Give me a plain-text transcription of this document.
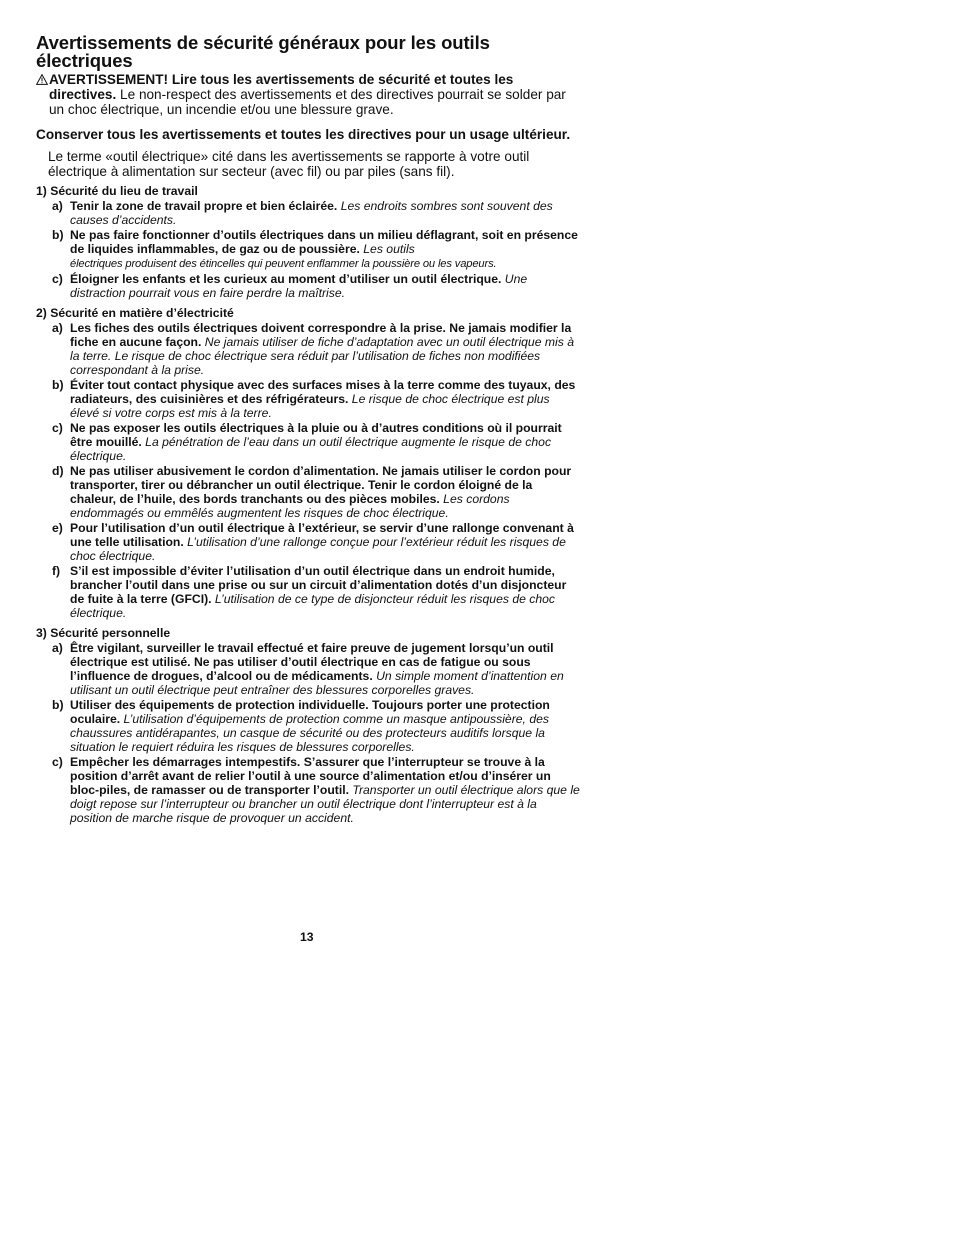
Avertissements de sécurité généraux pour les outils électriques

AVERTISSEMENT! Lire tous les avertissements de sécurité et toutes les directives. Le non-respect des avertissements et des directives pourrait se solder par un choc électrique, un incendie et/ou une blessure grave.

Conserver tous les avertissements et toutes les directives pour un usage ultérieur.

Le terme «outil électrique» cité dans les avertissements se rapporte à votre outil électrique à alimentation sur secteur (avec fil) ou par piles (sans fil).

1) Sécurité du lieu de travail
a) Tenir la zone de travail propre et bien éclairée. Les endroits sombres sont souvent des causes d’accidents.
b) Ne pas faire fonctionner d’outils électriques dans un milieu déflagrant, soit en présence de liquides inflammables, de gaz ou de poussière. Les outils
électriques produisent des étincelles qui peuvent enflammer la poussière ou les vapeurs.
c) Éloigner les enfants et les curieux au moment d’utiliser un outil électrique. Une distraction pourrait vous en faire perdre la maîtrise.
2) Sécurité en matière d’électricité
a) Les fiches des outils électriques doivent correspondre à la prise. Ne jamais modifier la fiche en aucune façon. Ne jamais utiliser de fiche d’adaptation avec un outil électrique mis à la terre. Le risque de choc électrique sera réduit par l’utilisation de fiches non modifiées correspondant à la prise.
b) Éviter tout contact physique avec des surfaces mises à la terre comme des tuyaux, des radiateurs, des cuisinières et des réfrigérateurs. Le risque de choc électrique est plus élevé si votre corps est mis à la terre.
c) Ne pas exposer les outils électriques à la pluie ou à d’autres conditions où il pourrait être mouillé. La pénétration de l’eau dans un outil électrique augmente le risque de choc électrique.
d) Ne pas utiliser abusivement le cordon d’alimentation. Ne jamais utiliser le cordon pour transporter, tirer ou débrancher un outil électrique. Tenir le cordon éloigné de la chaleur, de l’huile, des bords tranchants ou des pièces mobiles. Les cordons endommagés ou emmêlés augmentent les risques de choc électrique.
e) Pour l’utilisation d’un outil électrique à l’extérieur, se servir d’une rallonge convenant à une telle utilisation. L’utilisation d’une rallonge conçue pour l’extérieur réduit les risques de choc électrique.
f) S’il est impossible d’éviter l’utilisation d’un outil électrique dans un endroit humide, brancher l’outil dans une prise ou sur un circuit d’alimentation dotés d’un disjoncteur de fuite à la terre (GFCI). L’utilisation de ce type de disjoncteur réduit les risques de choc électrique.
3) Sécurité personnelle
a) Être vigilant, surveiller le travail effectué et faire preuve de jugement lorsqu’un outil électrique est utilisé. Ne pas utiliser d’outil électrique en cas de fatigue ou sous l’influence de drogues, d’alcool ou de médicaments. Un simple moment d’inattention en utilisant un outil électrique peut entraîner des blessures corporelles graves.
b) Utiliser des équipements de protection individuelle. Toujours porter une protection oculaire. L’utilisation d’équipements de protection comme un masque antipoussière, des chaussures antidérapantes, un casque de sécurité ou des protecteurs auditifs lorsque la situation le requiert réduira les risques de blessures corporelles.
c) Empêcher les démarrages intempestifs. S’assurer que l’interrupteur se trouve à la position d’arrêt avant de relier l’outil à une source d’alimentation et/ou d’insérer un bloc-piles, de ramasser ou de transporter l’outil. Transporter un outil électrique alors que le doigt repose sur l’interrupteur ou brancher un outil électrique dont l’interrupteur est à la position de marche risque de provoquer un accident.
13
